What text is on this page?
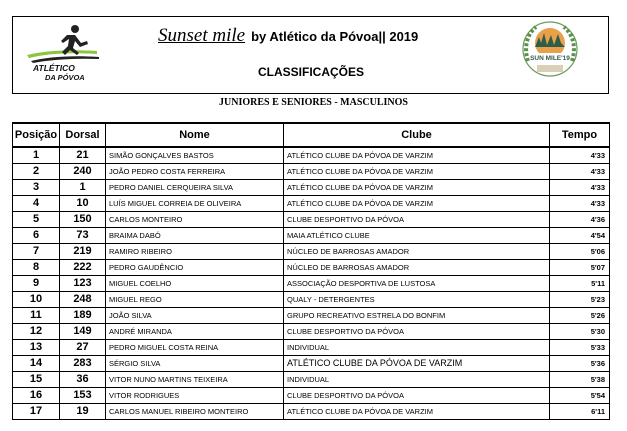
ATLÉTICO
DA PÓVOA
Sunset mile by Atlético da Póvoa|| 2019
CLASSIFICAÇÕES
SUN MILE'19
JUNIORES E SENIORES - MASCULINOS
Posição	Dorsal	Nome	Clube	Tempo
1	21	SIMÃO GONÇALVES BASTOS	ATLÉTICO CLUBE DA PÓVOA DE VARZIM	4'33
2	240	JOÃO PEDRO COSTA FERREIRA	ATLÉTICO CLUBE DA PÓVOA DE VARZIM	4'33
3	1	PEDRO DANIEL CERQUEIRA SILVA	ATLÉTICO CLUBE DA PÓVOA DE VARZIM	4'33
4	10	LUÍS MIGUEL CORREIA DE OLIVEIRA	ATLÉTICO CLUBE DA PÓVOA DE VARZIM	4'33
5	150	CARLOS MONTEIRO	CLUBE DESPORTIVO DA PÓVOA	4'36
6	73	BRAIMA DABÓ	MAIA ATLÉTICO CLUBE	4'54
7	219	RAMIRO RIBEIRO	NÚCLEO DE BARROSAS AMADOR	5'06
8	222	PEDRO GAUDÊNCIO	NÚCLEO DE BARROSAS AMADOR	5'07
9	123	MIGUEL COELHO	ASSOCIAÇÃO DESPORTIVA DE LUSTOSA	5'11
10	248	MIGUEL REGO	QUALY - DETERGENTES	5'23
11	189	JOÃO SILVA	GRUPO RECREATIVO ESTRELA DO BONFIM	5'26
12	149	ANDRÉ MIRANDA	CLUBE DESPORTIVO DA PÓVOA	5'30
13	27	PEDRO MIGUEL COSTA REINA	INDIVIDUAL	5'33
14	283	SÉRGIO SILVA	ATLÉTICO CLUBE DA PÓVOA DE VARZIM	5'36
15	36	VITOR NUNO MARTINS TEIXEIRA	INDIVIDUAL	5'38
16	153	VITOR RODRIGUES	CLUBE DESPORTIVO DA PÓVOA	5'54
17	19	CARLOS MANUEL RIBEIRO MONTEIRO	ATLÉTICO CLUBE DA PÓVOA DE VARZIM	6'11
